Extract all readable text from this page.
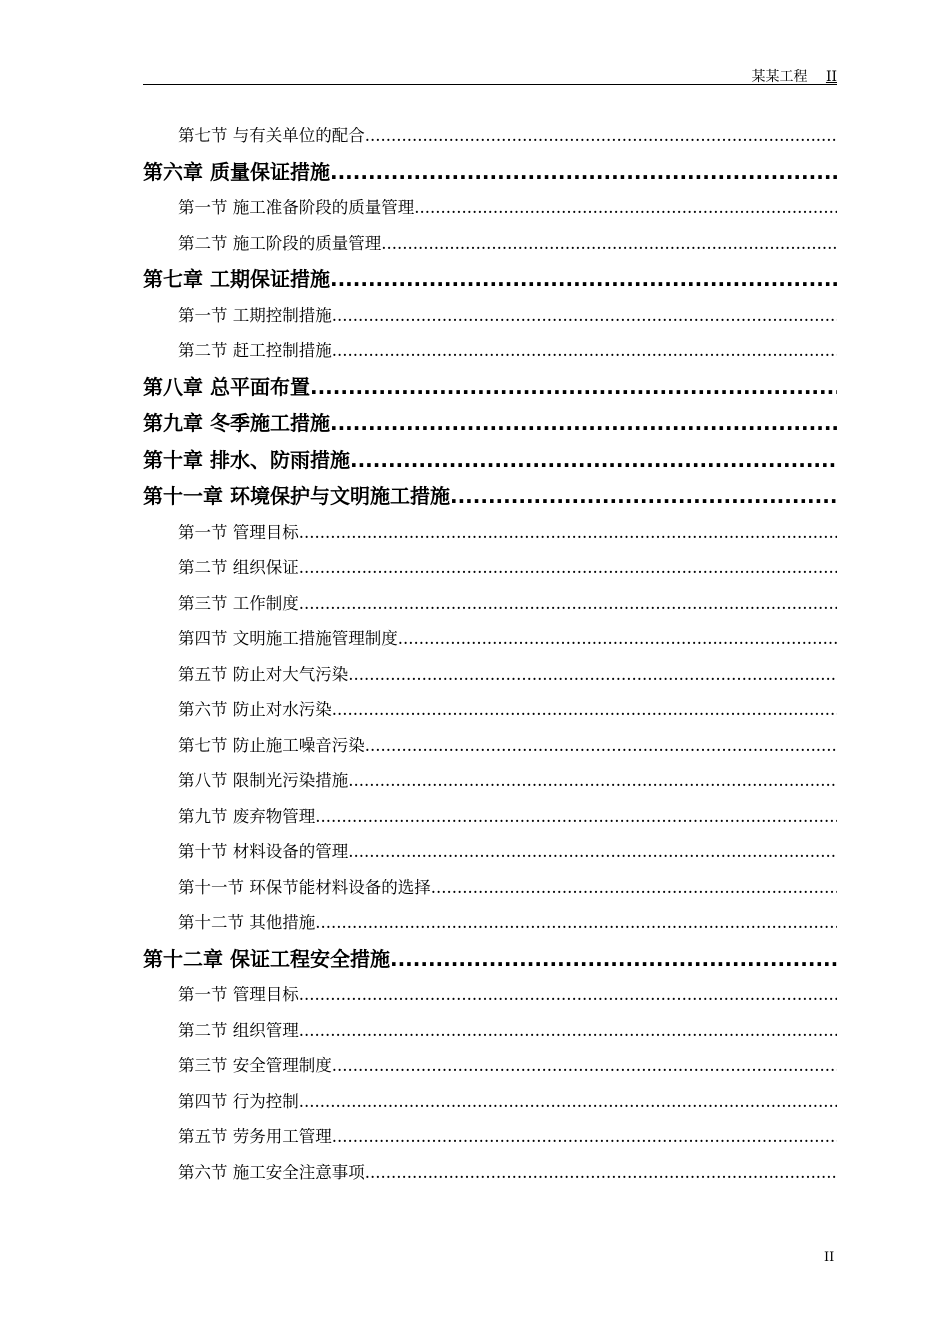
某某工程 II
第七节 与有关单位的配合
.....
第六章 质量保证措施
.....
第一节 施工准备阶段的质量管理
.....
第二节 施工阶段的质量管理
.....
第七章 工期保证措施
.....
第一节 工期控制措施
.....
第二节 赶工控制措施
.....
第八章 总平面布置
.....
第九章 冬季施工措施
.....
第十章 排水、防雨措施
.....
第十一章 环境保护与文明施工措施
.....
第一节 管理目标
.....
第二节 组织保证
.....
第三节 工作制度
.....
第四节 文明施工措施管理制度
.....
第五节 防止对大气污染
.....
第六节 防止对水污染
.....
第七节 防止施工噪音污染
.....
第八节 限制光污染措施
.....
第九节 废弃物管理
.....
第十节 材料设备的管理
.....
第十一节 环保节能材料设备的选择
.....
第十二节 其他措施
.....
第十二章 保证工程安全措施
.....
第一节 管理目标
.....
第二节 组织管理
.....
第三节 安全管理制度
.....
第四节 行为控制
.....
第五节 劳务用工管理
.....
第六节 施工安全注意事项
.....
II
